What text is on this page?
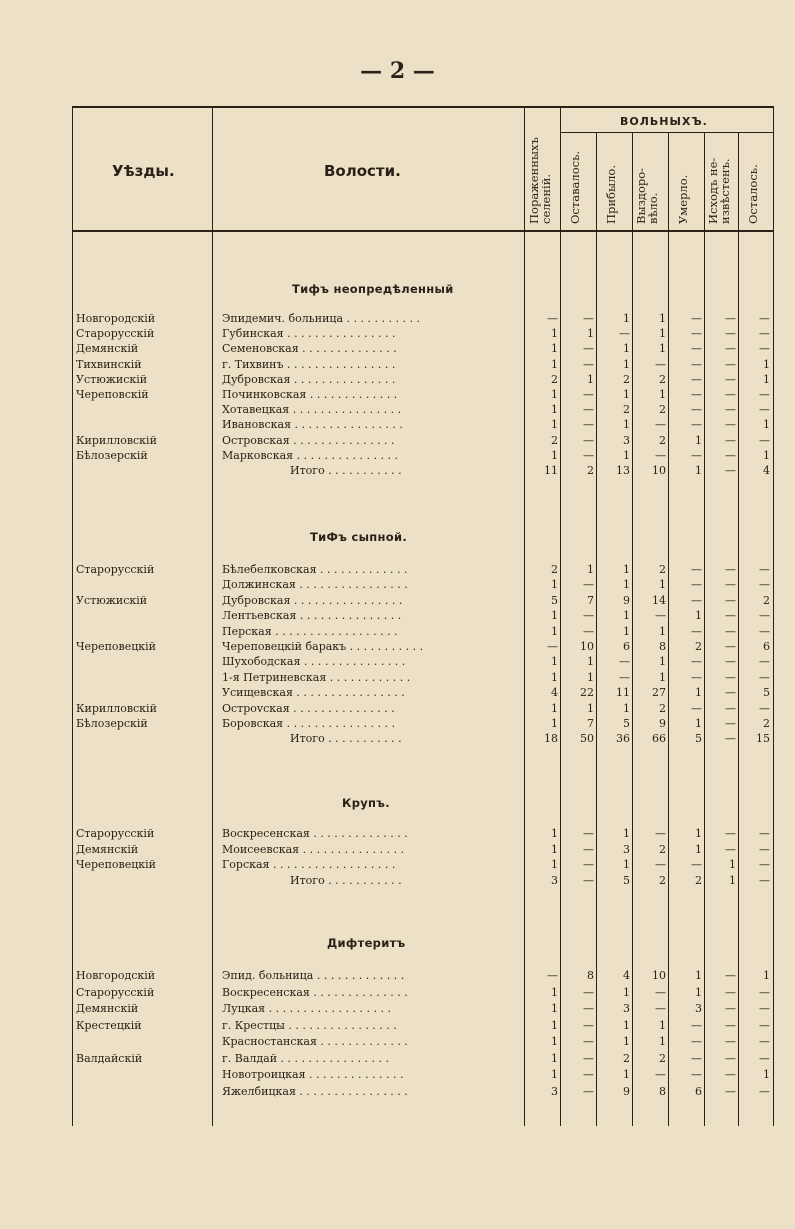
— 2 —
Уѣзды.	Волости.	Пораженныхъ селеній.
ВОЛЬНЫХЪ.
Оставалось.	Прибыло.	Выздоро-вѣло.	Умерло.	Исходъ не-извѣстенъ.	Осталось.
Тифъ неопредѣленный
Новгородскій	Эпидемич. больница . . . . . . . . . . .	—	—	1	1	—	—	—
Старорусскій	Губинская . . . . . . . . . . . . . . . .	1	1	—	1	—	—	—
Демянскій	Семеновская . . . . . . . . . . . . . .	1	—	1	1	—	—	—
Тихвинскій	г. Тихвинъ . . . . . . . . . . . . . . . .	1	—	1	—	—	—	1
Устюжискій	Дубровская . . . . . . . . . . . . . . .	2	1	2	2	—	—	1
Череповскій	Починковская . . . . . . . . . . . . .	1	—	1	1	—	—	—
Хотавецкая . . . . . . . . . . . . . . . .	1	—	2	2	—	—	—
Ивановская . . . . . . . . . . . . . . . .	1	—	1	—	—	—	1
Кирилловскій	Островская . . . . . . . . . . . . . . .	2	—	3	2	1	—	—
Бѣлозерскій	Марковская . . . . . . . . . . . . . . .	1	—	1	—	—	—	1
Итого . . . . . . . . . . .	11	2	13	10	1	—	4
ТиФъ сыпной.
Старорусскій	Бѣлебелковская . . . . . . . . . . . . .	2	1	1	2	—	—	—
Должинская . . . . . . . . . . . . . . . .	1	—	1	1	—	—	—
Устюжискій	Дубровская . . . . . . . . . . . . . . . .	5	7	9	14	—	—	2
Лентьевская . . . . . . . . . . . . . . .	1	—	1	—	1	—	—
Перская . . . . . . . . . . . . . . . . . .	1	—	1	1	—	—	—
Череповецкій	Череповецкій баракъ . . . . . . . . . . .	—	10	6	8	2	—	6
Шухободская . . . . . . . . . . . . . . .	1	1	—	1	—	—	—
1-я Петриневская . . . . . . . . . . . .	1	1	—	1	—	—	—
Усищевская . . . . . . . . . . . . . . . .	4	22	11	27	1	—	5
Кирилловскій	Остроvская . . . . . . . . . . . . . . .	1	1	1	2	—	—	—
Бѣлозерскій	Боровская . . . . . . . . . . . . . . . .	1	7	5	9	1	—	2
Итого . . . . . . . . . . .	18	50	36	66	5	—	15
Крупъ.
Старорусскій	Воскресенская . . . . . . . . . . . . . .	1	—	1	—	1	—	—
Демянскій	Моисеевская . . . . . . . . . . . . . . .	1	—	3	2	1	—	—
Череповецкій	Горская . . . . . . . . . . . . . . . . . .	1	—	1	—	—	1	—
Итого . . . . . . . . . . .	3	—	5	2	2	1	—
Дифтеритъ
Новгородскій	Эпид. больница . . . . . . . . . . . . .	—	8	4	10	1	—	1
Старорусскій	Воскресенская . . . . . . . . . . . . . .	1	—	1	—	1	—	—
Демянскій	Луцкая . . . . . . . . . . . . . . . . . .	1	—	3	—	3	—	—
Крестецкій	г. Крестцы . . . . . . . . . . . . . . . .	1	—	1	1	—	—	—
Красностанская . . . . . . . . . . . . .	1	—	1	1	—	—	—
Валдайскій	г. Валдай . . . . . . . . . . . . . . . .	1	—	2	2	—	—	—
Новотроицкая . . . . . . . . . . . . . .	1	—	1	—	—	—	1
Яжелбицкая . . . . . . . . . . . . . . . .	3	—	9	8	6	—	—
